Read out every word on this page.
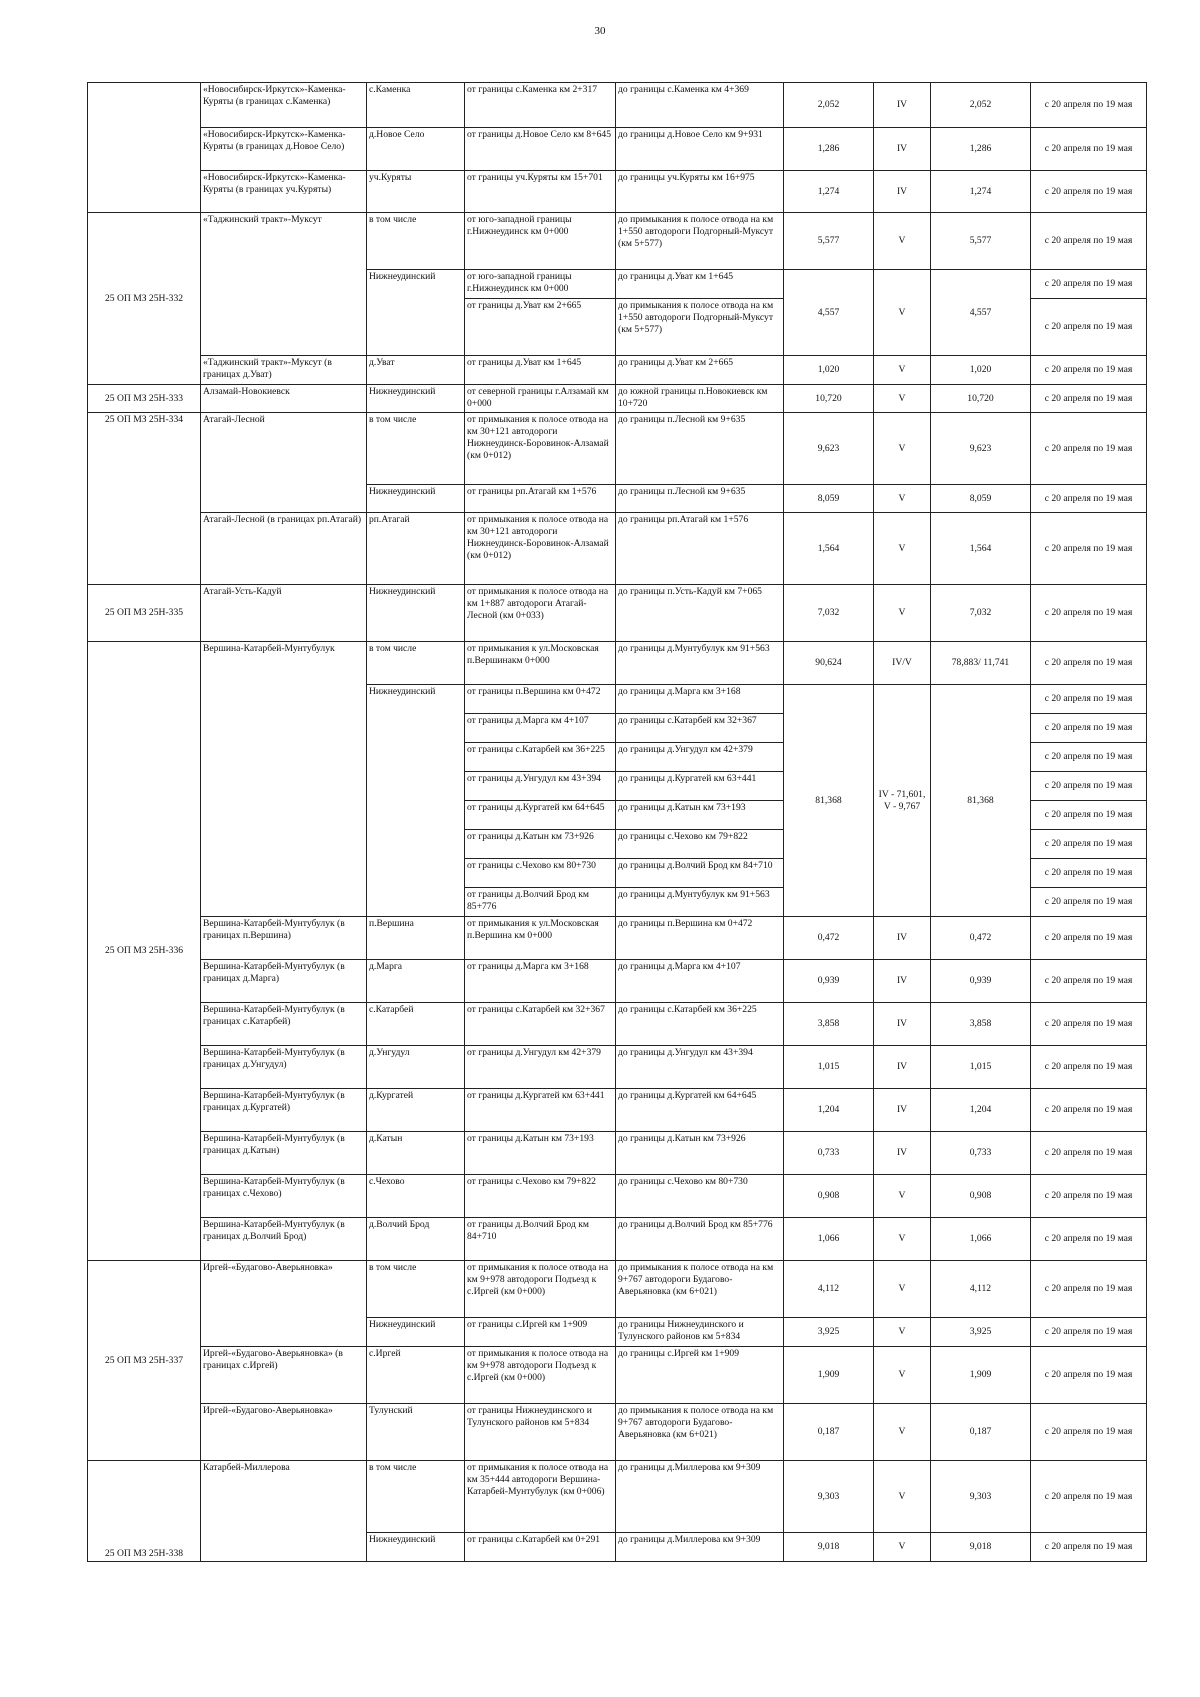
30
	«Новосибирск-Иркутск»-Каменка-Куряты (в границах с.Каменка)	с.Каменка	от границы с.Каменка км 2+317	до границы с.Каменка км 4+369	2,052	IV	2,052	с 20 апреля по 19 мая
	«Новосибирск-Иркутск»-Каменка-Куряты (в границах д.Новое Село)	д.Новое Село	от границы д.Новое Село км 8+645	до границы д.Новое Село км 9+931	1,286	IV	1,286	с 20 апреля по 19 мая
	«Новосибирск-Иркутск»-Каменка-Куряты (в границах уч.Куряты)	уч.Куряты	от границы уч.Куряты км 15+701	до границы уч.Куряты км 16+975	1,274	IV	1,274	с 20 апреля по 19 мая
25 ОП МЗ 25Н-332	«Таджинский тракт»-Муксут	в том числе	от юго-западной границы г.Нижнеудинск км 0+000	до примыкания к полосе отвода на км 1+550 автодороги Подгорный-Муксут (км 5+577)	5,577	V	5,577	с 20 апреля по 19 мая
		Нижнеудинский	от юго-западной границы г.Нижнеудинск км 0+000	до границы д.Уват км 1+645	4,557	V	4,557	с 20 апреля по 19 мая
			от границы д.Уват км 2+665	до примыкания к полосе отвода на км 1+550 автодороги Подгорный-Муксут (км 5+577)				с 20 апреля по 19 мая
	«Таджинский тракт»-Муксут (в границах д.Уват)	д.Уват	от границы д.Уват км 1+645	до границы д.Уват км 2+665	1,020	V	1,020	с 20 апреля по 19 мая
25 ОП МЗ 25Н-333	Алзамай-Новокиевск	Нижнеудинский	от северной границы г.Алзамай км 0+000	до южной границы п.Новокиевск км 10+720	10,720	V	10,720	с 20 апреля по 19 мая
25 ОП МЗ 25Н-334	Атагай-Лесной	в том числе	от примыкания к полосе отвода на км 30+121 автодороги Нижнеудинск-Боровинок-Алзамай (км 0+012)	до границы п.Лесной км 9+635	9,623	V	9,623	с 20 апреля по 19 мая
		Нижнеудинский	от границы рп.Атагай км 1+576	до границы п.Лесной км 9+635	8,059	V	8,059	с 20 апреля по 19 мая
	Атагай-Лесной (в границах рп.Атагай)	рп.Атагай	от примыкания к полосе отвода на км 30+121 автодороги Нижнеудинск-Боровинок-Алзамай (км 0+012)	до границы рп.Атагай км 1+576	1,564	V	1,564	с 20 апреля по 19 мая
25 ОП МЗ 25Н-335	Атагай-Усть-Кадуй	Нижнеудинский	от примыкания к полосе отвода на км 1+887 автодороги Атагай-Лесной (км 0+033)	до границы п.Усть-Кадуй км 7+065	7,032	V	7,032	с 20 апреля по 19 мая
25 ОП МЗ 25Н-336	Вершина-Катарбей-Мунтубулук	в том числе	от примыкания к ул.Московская п.Вершинакм 0+000	до границы д.Мунтубулук км 91+563	90,624	IV/V	78,883/ 11,741	с 20 апреля по 19 мая
		Нижнеудинский	от границы п.Вершина км 0+472	до границы д.Марга км 3+168	81,368	IV - 71,601, V - 9,767	81,368	с 20 апреля по 19 мая
			от границы д.Марга км 4+107	до границы с.Катарбей км 32+367				с 20 апреля по 19 мая
			от границы с.Катарбей км 36+225	до границы д.Унгудул км 42+379				с 20 апреля по 19 мая
			от границы д.Унгудул км 43+394	до границы д.Кургатей км 63+441				с 20 апреля по 19 мая
			от границы д.Кургатей км 64+645	до границы д.Катын км 73+193				с 20 апреля по 19 мая
			от границы д.Катын км 73+926	до границы с.Чехово км 79+822				с 20 апреля по 19 мая
			от границы с.Чехово км 80+730	до границы д.Волчий Брод км 84+710				с 20 апреля по 19 мая
			от границы д.Волчий Брод км 85+776	до границы д.Мунтубулук км 91+563				с 20 апреля по 19 мая
	Вершина-Катарбей-Мунтубулук (в границах п.Вершина)	п.Вершина	от примыкания к ул.Московская п.Вершина км 0+000	до границы п.Вершина км 0+472	0,472	IV	0,472	с 20 апреля по 19 мая
	Вершина-Катарбей-Мунтубулук (в границах д.Марга)	д.Марга	от границы д.Марга км 3+168	до границы д.Марга км 4+107	0,939	IV	0,939	с 20 апреля по 19 мая
	Вершина-Катарбей-Мунтубулук (в границах с.Катарбей)	с.Катарбей	от границы с.Катарбей км 32+367	до границы с.Катарбей км 36+225	3,858	IV	3,858	с 20 апреля по 19 мая
	Вершина-Катарбей-Мунтубулук (в границах д.Унгудул)	д.Унгудул	от границы д.Унгудул км 42+379	до границы д.Унгудул км 43+394	1,015	IV	1,015	с 20 апреля по 19 мая
	Вершина-Катарбей-Мунтубулук (в границах д.Кургатей)	д.Кургатей	от границы д.Кургатей км 63+441	до границы д.Кургатей км 64+645	1,204	IV	1,204	с 20 апреля по 19 мая
	Вершина-Катарбей-Мунтубулук (в границах д.Катын)	д.Катын	от границы д.Катын км 73+193	до границы д.Катын км 73+926	0,733	IV	0,733	с 20 апреля по 19 мая
	Вершина-Катарбей-Мунтубулук (в границах с.Чехово)	с.Чехово	от границы с.Чехово км 79+822	до границы с.Чехово км 80+730	0,908	V	0,908	с 20 апреля по 19 мая
	Вершина-Катарбей-Мунтубулук (в границах д.Волчий Брод)	д.Волчий Брод	от границы д.Волчий Брод км 84+710	до границы д.Волчий Брод км 85+776	1,066	V	1,066	с 20 апреля по 19 мая
25 ОП МЗ 25Н-337	Иргей-«Будагово-Аверьяновка»	в том числе	от примыкания к полосе отвода на км 9+978 автодороги Подъезд к с.Иргей (км 0+000)	до примыкания к полосе отвода на км 9+767 автодороги Будагово-Аверьяновка (км 6+021)	4,112	V	4,112	с 20 апреля по 19 мая
		Нижнеудинский	от границы с.Иргей км 1+909	до границы Нижнеудинского и Тулунского районов км 5+834	3,925	V	3,925	с 20 апреля по 19 мая
	Иргей-«Будагово-Аверьяновка» (в границах с.Иргей)	с.Иргей	от примыкания к полосе отвода на км 9+978 автодороги Подъезд к с.Иргей (км 0+000)	до границы с.Иргей км 1+909	1,909	V	1,909	с 20 апреля по 19 мая
	Иргей-«Будагово-Аверьяновка»	Тулунский	от границы Нижнеудинского и Тулунского районов км 5+834	до примыкания к полосе отвода на км 9+767 автодороги Будагово-Аверьяновка (км 6+021)	0,187	V	0,187	с 20 апреля по 19 мая
25 ОП МЗ 25Н-338	Катарбей-Миллерова	в том числе	от примыкания к полосе отвода на км 35+444 автодороги Вершина-Катарбей-Мунтубулук (км 0+006)	до границы д.Миллерова км 9+309	9,303	V	9,303	с 20 апреля по 19 мая
		Нижнеудинский	от границы с.Катарбей км 0+291	до границы д.Миллерова км 9+309	9,018	V	9,018	с 20 апреля по 19 мая
